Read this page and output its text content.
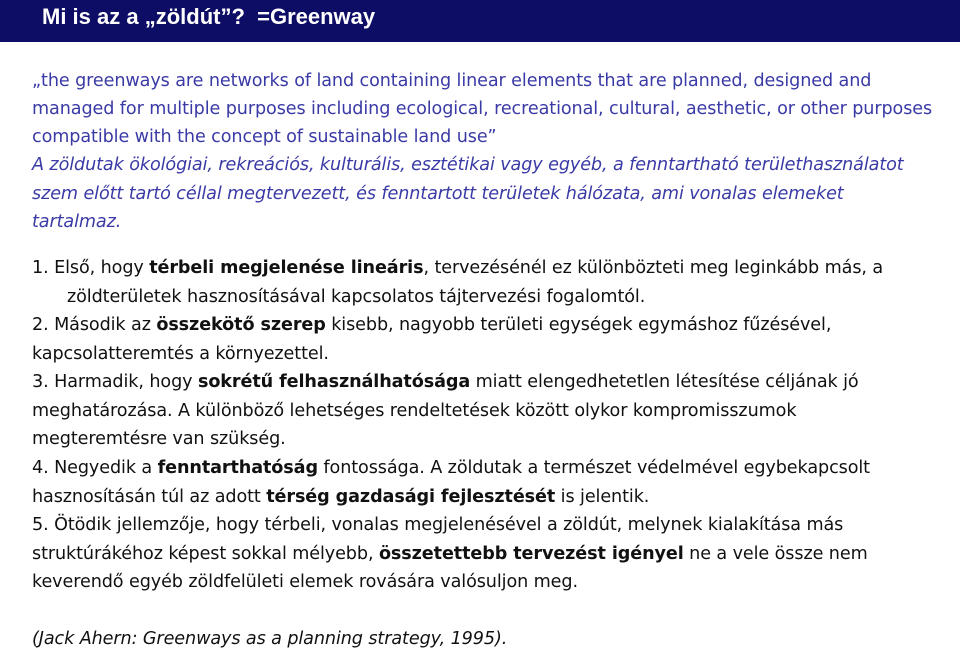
Mi is az a „zöldút”?  =Greenway
„the greenways are networks of land containing linear elements that are planned, designed and managed for multiple purposes including ecological, recreational, cultural, aesthetic, or other purposes compatible with the concept of sustainable land use”
A zöldutak ökológiai, rekreációs, kulturális, esztétikai vagy egyéb, a fenntartható területhasználatot szem előtt tartó céllal megtervezett, és fenntartott területek hálózata, ami vonalas elemeket tartalmaz.
1. Első, hogy térbeli megjelenése lineáris, tervezésénél ez különbözteti meg leginkább más, a zöldterületek hasznosításával kapcsolatos tájtervezési fogalomtól.
2. Második az összekötő szerep kisebb, nagyobb területi egységek egymáshoz fűzésével, kapcsolatteremtés a környezettel.
3. Harmadik, hogy sokrétű felhasználhatósága miatt elengedhetetlen létesítése céljának jó meghatározása. A különböző lehetséges rendeltetések között olykor kompromisszumok megteremtésre van szükség.
4. Negyedik a fenntarthatóság fontossága. A zöldutak a természet védelmével egybekapcsolt hasznosításán túl az adott térség gazdasági fejlesztését is jelentik.
5. Ötödik jellemzője, hogy térbeli, vonalas megjelenésével a zöldút, melynek kialakítása más struktúrákéhoz képest sokkal mélyebb, összetettebb tervezést igényel ne a vele össze nem keverendő egyéb zöldfelületi elemek rovására valósuljon meg.
(Jack Ahern: Greenways as a planning strategy, 1995).
